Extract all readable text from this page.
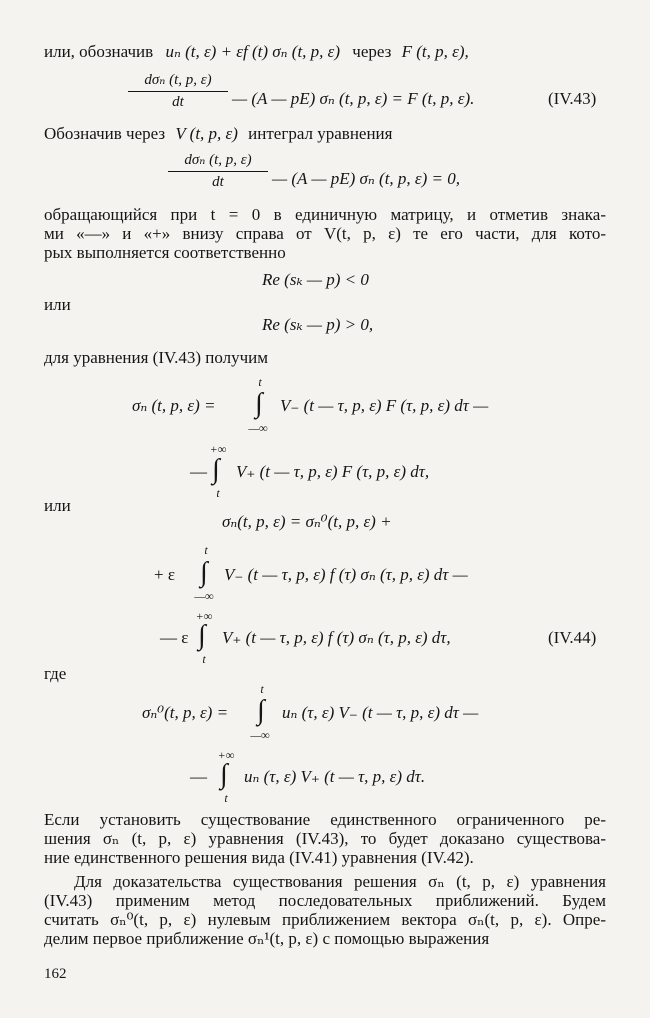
или, обозначив uₙ (t, ε) + εf (t) σₙ (t, p, ε) через F (t, p, ε),
dσₙ (t, p, ε)
dt	— (A — pE) σₙ (t, p, ε) = F (t, p, ε).	(IV.43)
Обозначив через V (t, p, ε) интеграл уравнения
dσₙ (t, p, ε)
dt	— (A — pE) σₙ (t, p, ε) = 0,
обращающийся при t = 0 в единичную матрицу, и отметив знака-
ми «—» и «+» внизу справа от V(t, p, ε) те его части, для кото-
рых выполняется соответственно
Re (sₖ — p) < 0
или
Re (sₖ — p) > 0,
для уравнения (IV.43) получим
σₙ (t, p, ε) =
t
∫
—∞
V₋ (t — τ, p, ε) F (τ, p, ε) dτ —
+∞
— ∫
t
V₊ (t — τ, p, ε) F (τ, p, ε) dτ,
или
σₙ(t, p, ε) = σₙ⁰(t, p, ε) +
t
+ ε ∫
—∞
V₋ (t — τ, p, ε) f (τ) σₙ (τ, p, ε) dτ —
+∞
— ε ∫
t
V₊ (t — τ, p, ε) f (τ) σₙ (τ, p, ε) dτ,	(IV.44)
где
σₙ⁰(t, p, ε) =
t
∫
—∞
uₙ (τ, ε) V₋ (t — τ, p, ε) dτ —
+∞
— ∫
t
uₙ (τ, ε) V₊ (t — τ, p, ε) dτ.
Если установить существование единственного ограниченного ре-
шения σₙ (t, p, ε) уравнения (IV.43), то будет доказано существова-
ние единственного решения вида (IV.41) уравнения (IV.42).
Для доказательства существования решения σₙ (t, p, ε) уравнения
(IV.43) применим метод последовательных приближений. Будем
считать σₙ⁰(t, p, ε) нулевым приближением вектора σₙ(t, p, ε). Опре-
делим первое приближение σₙ¹(t, p, ε) с помощью выражения
162
